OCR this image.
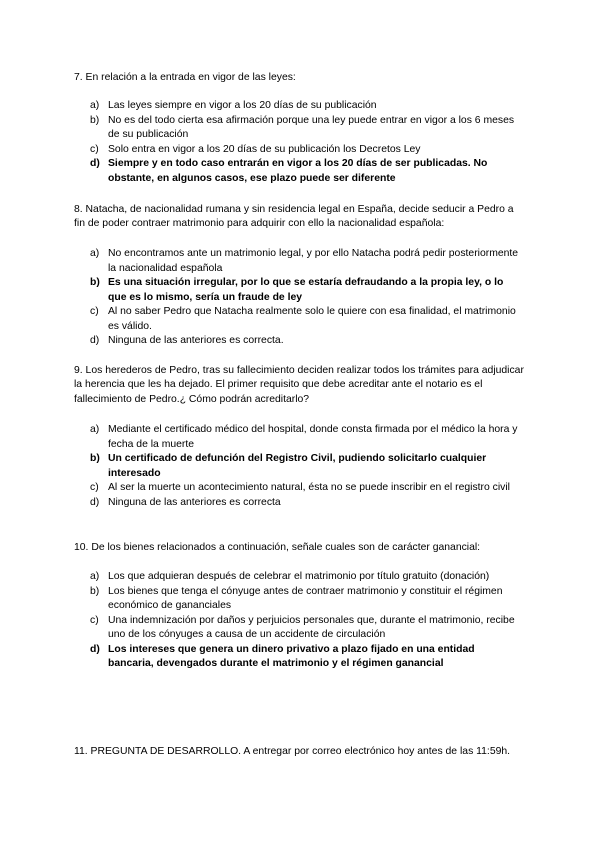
7. En relación a la entrada en vigor de las leyes:

a) Las leyes siempre en vigor a los 20 días de su publicación
b) No es del todo cierta esa afirmación porque una ley puede entrar en vigor a los 6 meses de su publicación
c) Solo entra en vigor a los 20 días de su publicación los Decretos Ley
d) Siempre y en todo caso entrarán en vigor a los 20 días de ser publicadas. No obstante, en algunos casos, ese plazo puede ser diferente

8. Natacha, de nacionalidad rumana y sin residencia legal en España, decide seducir a Pedro a fin de poder contraer matrimonio para adquirir con ello la nacionalidad española:

a) No encontramos ante un matrimonio legal, y por ello Natacha podrá pedir posteriormente la nacionalidad española
b) Es una situación irregular, por lo que se estaría defraudando a la propia ley, o lo que es lo mismo, sería un fraude de ley
c) Al no saber Pedro que Natacha realmente solo le quiere con esa finalidad, el matrimonio es válido.
d) Ninguna de las anteriores es correcta.

9. Los herederos de Pedro, tras su fallecimiento deciden realizar todos los trámites para adjudicar la herencia que les ha dejado. El primer requisito que debe acreditar ante el notario es el fallecimiento de Pedro.¿ Cómo podrán acreditarlo?

a) Mediante el certificado médico del hospital, donde consta firmada por el médico la hora y fecha de la muerte
b) Un certificado de defunción del Registro Civil, pudiendo solicitarlo cualquier interesado
c) Al ser la muerte un acontecimiento natural, ésta no se puede inscribir en el registro civil
d) Ninguna de las anteriores es correcta

10. De los bienes relacionados a continuación, señale cuales son de carácter ganancial:

a) Los que adquieran después de celebrar el matrimonio por título gratuito (donación)
b) Los bienes que tenga el cónyuge antes de contraer matrimonio y constituir el régimen económico de gananciales
c) Una indemnización por daños y perjuicios personales que, durante el matrimonio, recibe uno de los cónyuges a causa de un accidente de circulación
d) Los intereses que genera un dinero privativo a plazo fijado en una entidad bancaria, devengados durante el matrimonio y el régimen ganancial

11. PREGUNTA DE DESARROLLO. A entregar por correo electrónico hoy antes de las 11:59h.
